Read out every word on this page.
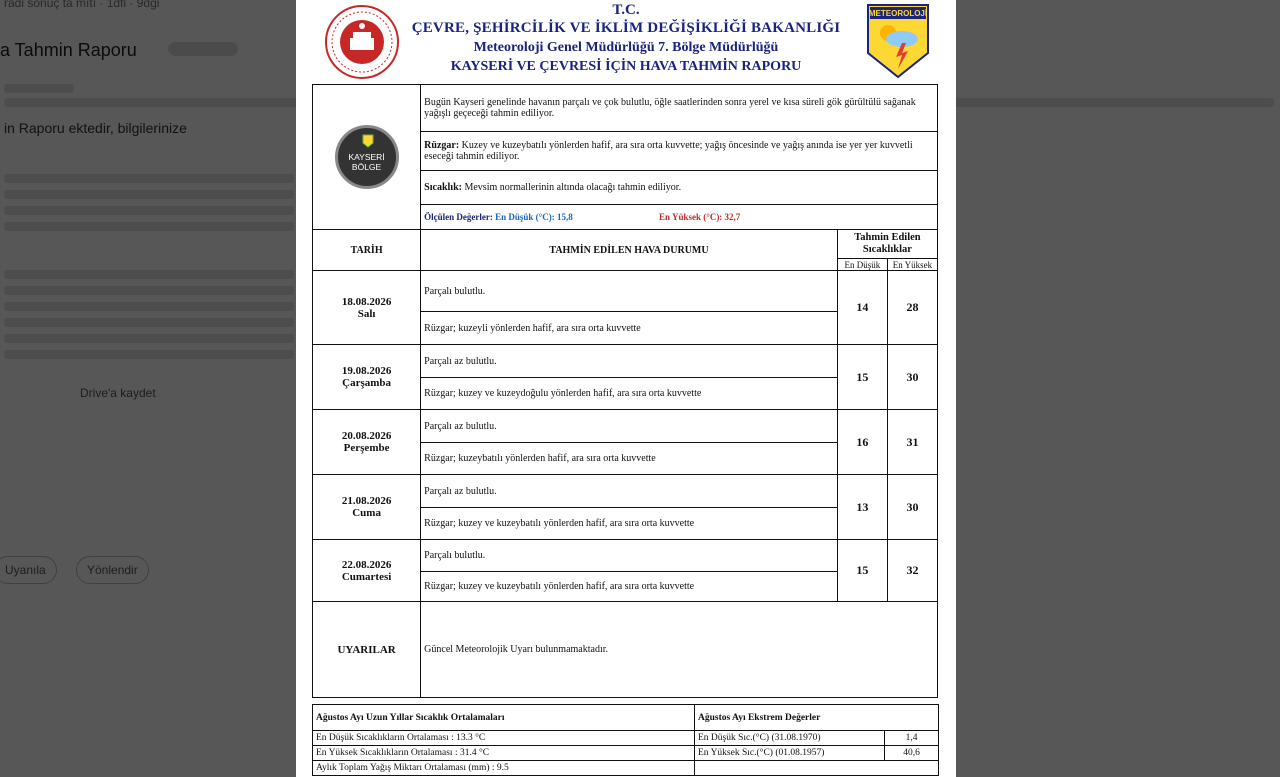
T.C.
ÇEVRE, ŞEHİRCİLİK VE İKLİM DEĞİŞİKLİĞİ BAKANLIĞI
Meteoroloji Genel Müdürlüğü 7. Bölge Müdürlüğü
KAYSERİ VE ÇEVRESİ İÇİN HAVA TAHMİN RAPORU
METEOROLOJİ
KAYSERİ
BÖLGE	Bugün Kayseri genelinde havanın parçalı ve çok bulutlu, öğle saatlerinden sonra yerel ve kısa süreli gök gürültülü sağanak yağışlı geçeceği tahmin ediliyor.		
	Rüzgar: Kuzey ve kuzeybatılı yönlerden hafif, ara sıra orta kuvvette; yağış öncesinde ve yağış anında ise yer yer kuvvetli eseceği tahmin ediliyor.		
	Sıcaklık: Mevsim normallerinin altında olacağı tahmin ediliyor.		
	Ölçülen Değerler: En Düşük (°C): 15,8 En Yüksek (°C): 32,7		
TARİH	TAHMİN EDİLEN HAVA DURUMU	Tahmin Edilen Sıcaklıklar	
		En Düşük	En Yüksek
18.08.2026
Salı	Parçalı bulutlu.	14	28
	Rüzgar; kuzeyli yönlerden hafif, ara sıra orta kuvvette		
19.08.2026
Çarşamba	Parçalı az bulutlu.	15	30
	Rüzgar; kuzey ve kuzeydoğulu yönlerden hafif, ara sıra orta kuvvette		
20.08.2026
Perşembe	Parçalı az bulutlu.	16	31
	Rüzgar; kuzeybatılı yönlerden hafif, ara sıra orta kuvvette		
21.08.2026
Cuma	Parçalı az bulutlu.	13	30
	Rüzgar; kuzey ve kuzeybatılı yönlerden hafif, ara sıra orta kuvvette		
22.08.2026
Cumartesi	Parçalı bulutlu.	15	32
	Rüzgar; kuzey ve kuzeybatılı yönlerden hafif, ara sıra orta kuvvette		
UYARILAR	Güncel Meteorolojik Uyarı bulunmamaktadır.		
Ağustos Ayı Uzun Yıllar Sıcaklık Ortalamaları	Ağustos Ayı Ekstrem Değerler	
En Düşük Sıcaklıkların Ortalaması : 13.3 °C	En Düşük Sıc.(°C) (31.08.1970)	1,4
En Yüksek Sıcaklıkların Ortalaması : 31.4 °C	En Yüksek Sıc.(°C) (01.08.1957)	40,6
Aylık Toplam Yağış Miktarı Ortalaması (mm) : 9.5		
